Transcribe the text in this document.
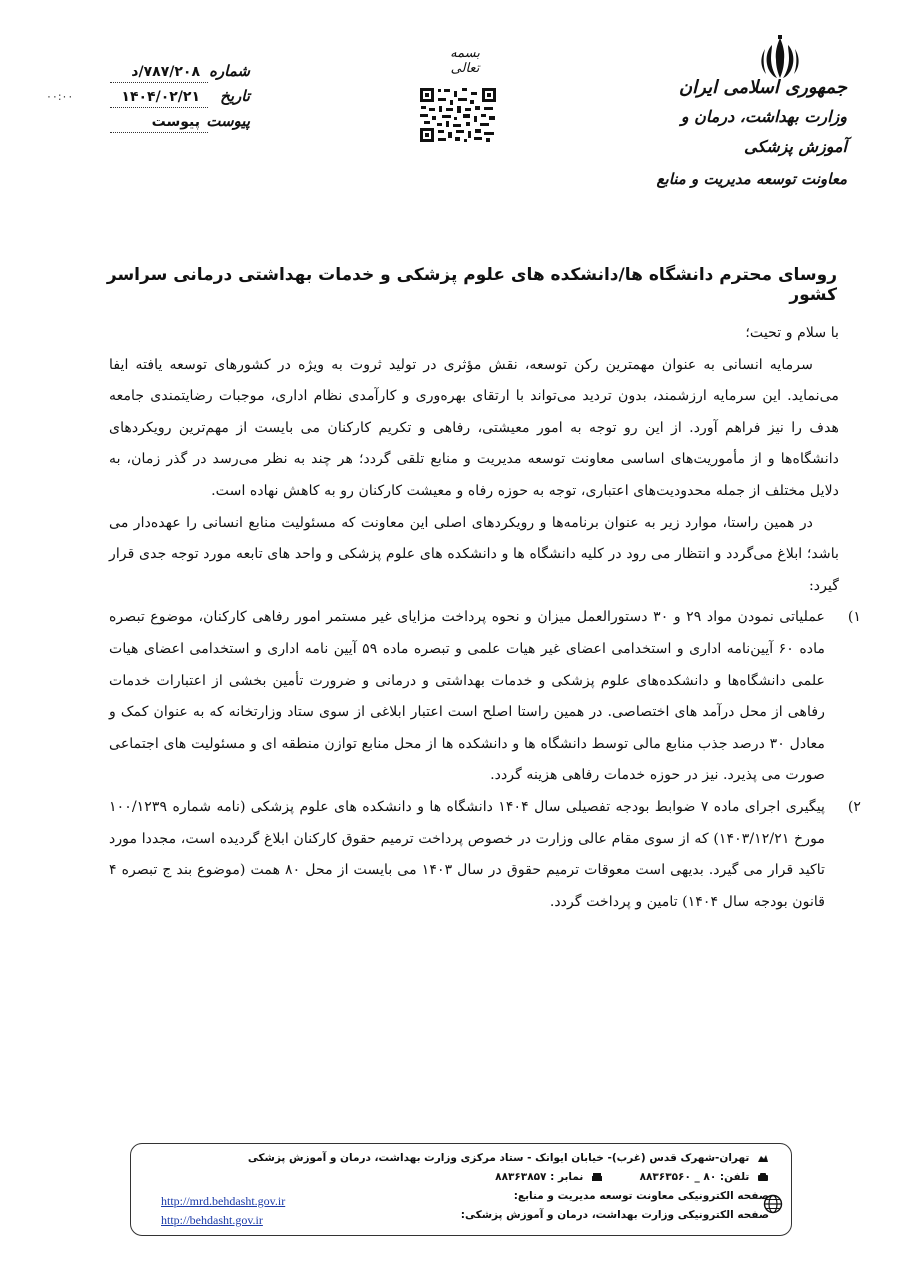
۷۸۷/۲۰۸/د شماره
۱۴۰۴/۰۲/۲۱ تاریخ
پیوست پیوست
۰۰:۰۰
بسمه تعالی
جمهوری اسلامی ایران
وزارت بهداشت، درمان و آموزش پزشکی
معاونت توسعه مدیریت و منابع
روسای محترم دانشگاه ها/دانشکده های علوم پزشکی و خدمات بهداشتی درمانی سراسر کشور

با سلام و تحیت؛

سرمایه انسانی به عنوان مهمترین رکن توسعه، نقش مؤثری در تولید ثروت به ویژه در کشورهای توسعه یافته ایفا می‌نماید. این سرمایه ارزشمند، بدون تردید می‌تواند با ارتقای بهره‌وری و کارآمدی نظام اداری، موجبات رضایتمندی جامعه هدف را نیز فراهم آورد. از این رو توجه به امور معیشتی، رفاهی و تکریم کارکنان می بایست از مهم‌ترین رویکردهای دانشگاه‌ها و از مأموریت‌های اساسی معاونت توسعه مدیریت و منابع تلقی گردد؛ هر چند به نظر می‌رسد در گذر زمان، به دلایل مختلف از جمله محدودیت‌های اعتباری، توجه به حوزه رفاه و معیشت کارکنان رو به کاهش نهاده است.

در همین راستا، موارد زیر به عنوان برنامه‌ها و رویکردهای اصلی این معاونت که مسئولیت منابع انسانی را عهده‌دار می باشد؛ ابلاغ می‌گردد و انتظار می رود در کلیه دانشگاه ها و دانشکده های علوم پزشکی و واحد های تابعه مورد توجه جدی قرار گیرد:

۱)

عملیاتی نمودن مواد ۲۹ و ۳۰ دستورالعمل میزان و نحوه پرداخت مزایای غیر مستمر امور رفاهی کارکنان، موضوع تبصره ماده ۶۰ آیین‌نامه اداری و استخدامی اعضای غیر هیات علمی و تبصره ماده ۵۹ آیین نامه اداری و استخدامی اعضای هیات علمی دانشگاه‌ها و دانشکده‌های علوم پزشکی و خدمات بهداشتی و درمانی و ضرورت تأمین بخشی از اعتبارات خدمات رفاهی از محل درآمد های اختصاصی. در همین راستا اصلح است اعتبار ابلاغی از سوی ستاد وزارتخانه که به عنوان کمک و معادل ۳۰ درصد جذب منابع مالی توسط دانشگاه ها و دانشکده ها از محل منابع توازن منطقه ای و مسئولیت های اجتماعی صورت می پذیرد. نیز در حوزه خدمات رفاهی هزینه گردد.

۲)

پیگیری اجرای ماده ۷ ضوابط بودجه تفصیلی سال ۱۴۰۴ دانشگاه ها و دانشکده های علوم پزشکی (نامه شماره ۱۰۰/۱۲۳۹ مورخ ۱۴۰۳/۱۲/۲۱) که از سوی مقام عالی وزارت در خصوص پرداخت ترمیم حقوق کارکنان ابلاغ گردیده است، مجددا مورد تاکید قرار می گیرد. بدیهی است معوقات ترمیم حقوق در سال ۱۴۰۳ می بایست از محل ۸۰ همت (موضوع بند ج تبصره ۴ قانون بودجه سال ۱۴۰۴) تامین و پرداخت گردد.

تهران-شهرک قدس (غرب)- خیابان ایوانک - ستاد مرکزی وزارت بهداشت، درمان و آموزش پزشکی
تلفن: ۸۰ _ ۸۸۳۶۳۵۶۰           نمابر : ۸۸۳۶۳۸۵۷
صفحه الکترونیکی معاونت توسعه مدیریت و منابع:
صفحه الکترونیکی وزارت بهداشت، درمان و آموزش پزشکی:
http://mrd.behdasht.gov.ir
http://behdasht.gov.ir
